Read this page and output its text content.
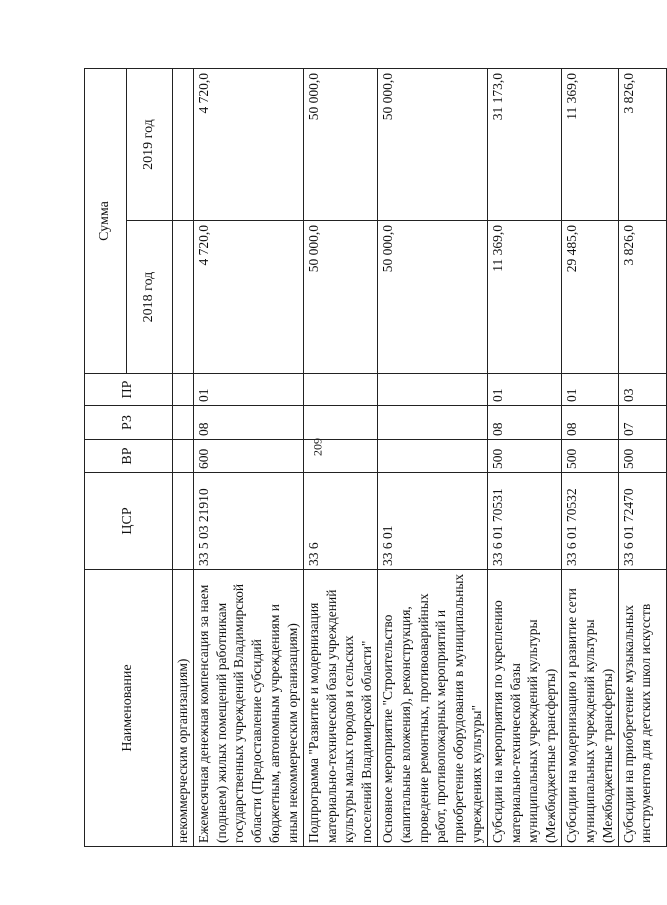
209
Наименование	ЦСР	ВР	РЗ	ПР	Сумма	
					2018 год	2019 год
некоммерческим организациям)						
Ежемесячная денежная компенсация за наем (поднаем) жилых помещений работникам государственных учреждений Владимирской области (Предоставление субсидий бюджетным, автономным учреждениям и иным некоммерческим организациям)	33 5 03 21910	600	08	01	4 720,0	4 720,0
Подпрограмма "Развитие и модернизация материально-технической базы учреждений культуры малых городов и сельских поселений Владимирской области"	33 6				50 000,0	50 000,0
Основное мероприятие "Строительство (капитальные вложения), реконструкция, проведение ремонтных, противоаварийных работ, противопожарных мероприятий и приобретение оборудования в муниципальных учреждениях культуры"	33 6 01				50 000,0	50 000,0
Субсидии на мероприятия по укреплению материально-технической базы муниципальных учреждений культуры (Межбюджетные трансферты)	33 6 01 70531	500	08	01	11 369,0	31 173,0
Субсидии на модернизацию и развитие сети муниципальных учреждений культуры (Межбюджетные трансферты)	33 6 01 70532	500	08	01	29 485,0	11 369,0
Субсидии на приобретение музыкальных инструментов для детских школ искусств	33 6 01 72470	500	07	03	3 826,0	3 826,0
